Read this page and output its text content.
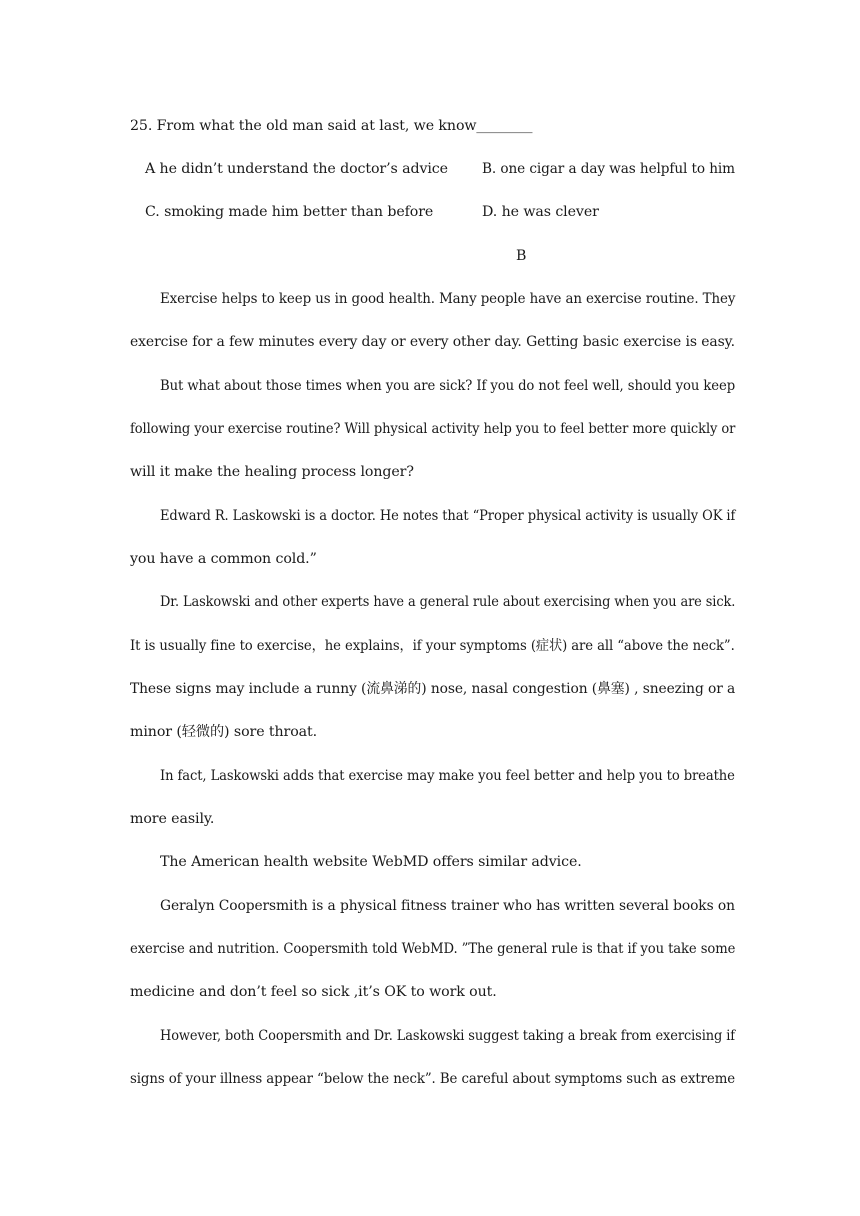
25. From what the old man said at last, we know________
A he didn’t understand the doctor’s advice B. one cigar a day was helpful to him
C. smoking made him better than before	D. he was clever
B
Exercise helps to keep us in good health. Many people have an exercise routine. They
exercise for a few minutes every day or every other day. Getting basic exercise is easy.
But what about those times when you are sick? If you do not feel well, should you keep
following your exercise routine? Will physical activity help you to feel better more quickly or
will it make the healing process longer?
Edward R. Laskowski is a doctor. He notes that “Proper physical activity is usually OK if
you have a common cold.”
Dr. Laskowski and other experts have a general rule about exercising when you are sick.
It is usually fine to exercise，he explains，if your symptoms (症状) are all “above the neck”.
These signs may include a runny (流鼻涕的) nose, nasal congestion (鼻塞) , sneezing or a
minor (轻微的) sore throat.
In fact, Laskowski adds that exercise may make you feel better and help you to breathe
more easily.
The American health website WebMD offers similar advice.
Geralyn Coopersmith is a physical fitness trainer who has written several books on
exercise and nutrition. Coopersmith told WebMD. ”The general rule is that if you take some
medicine and don’t feel so sick ,it’s OK to work out.
However, both Coopersmith and Dr. Laskowski suggest taking a break from exercising if
signs of your illness appear “below the neck”. Be careful about symptoms such as extreme
